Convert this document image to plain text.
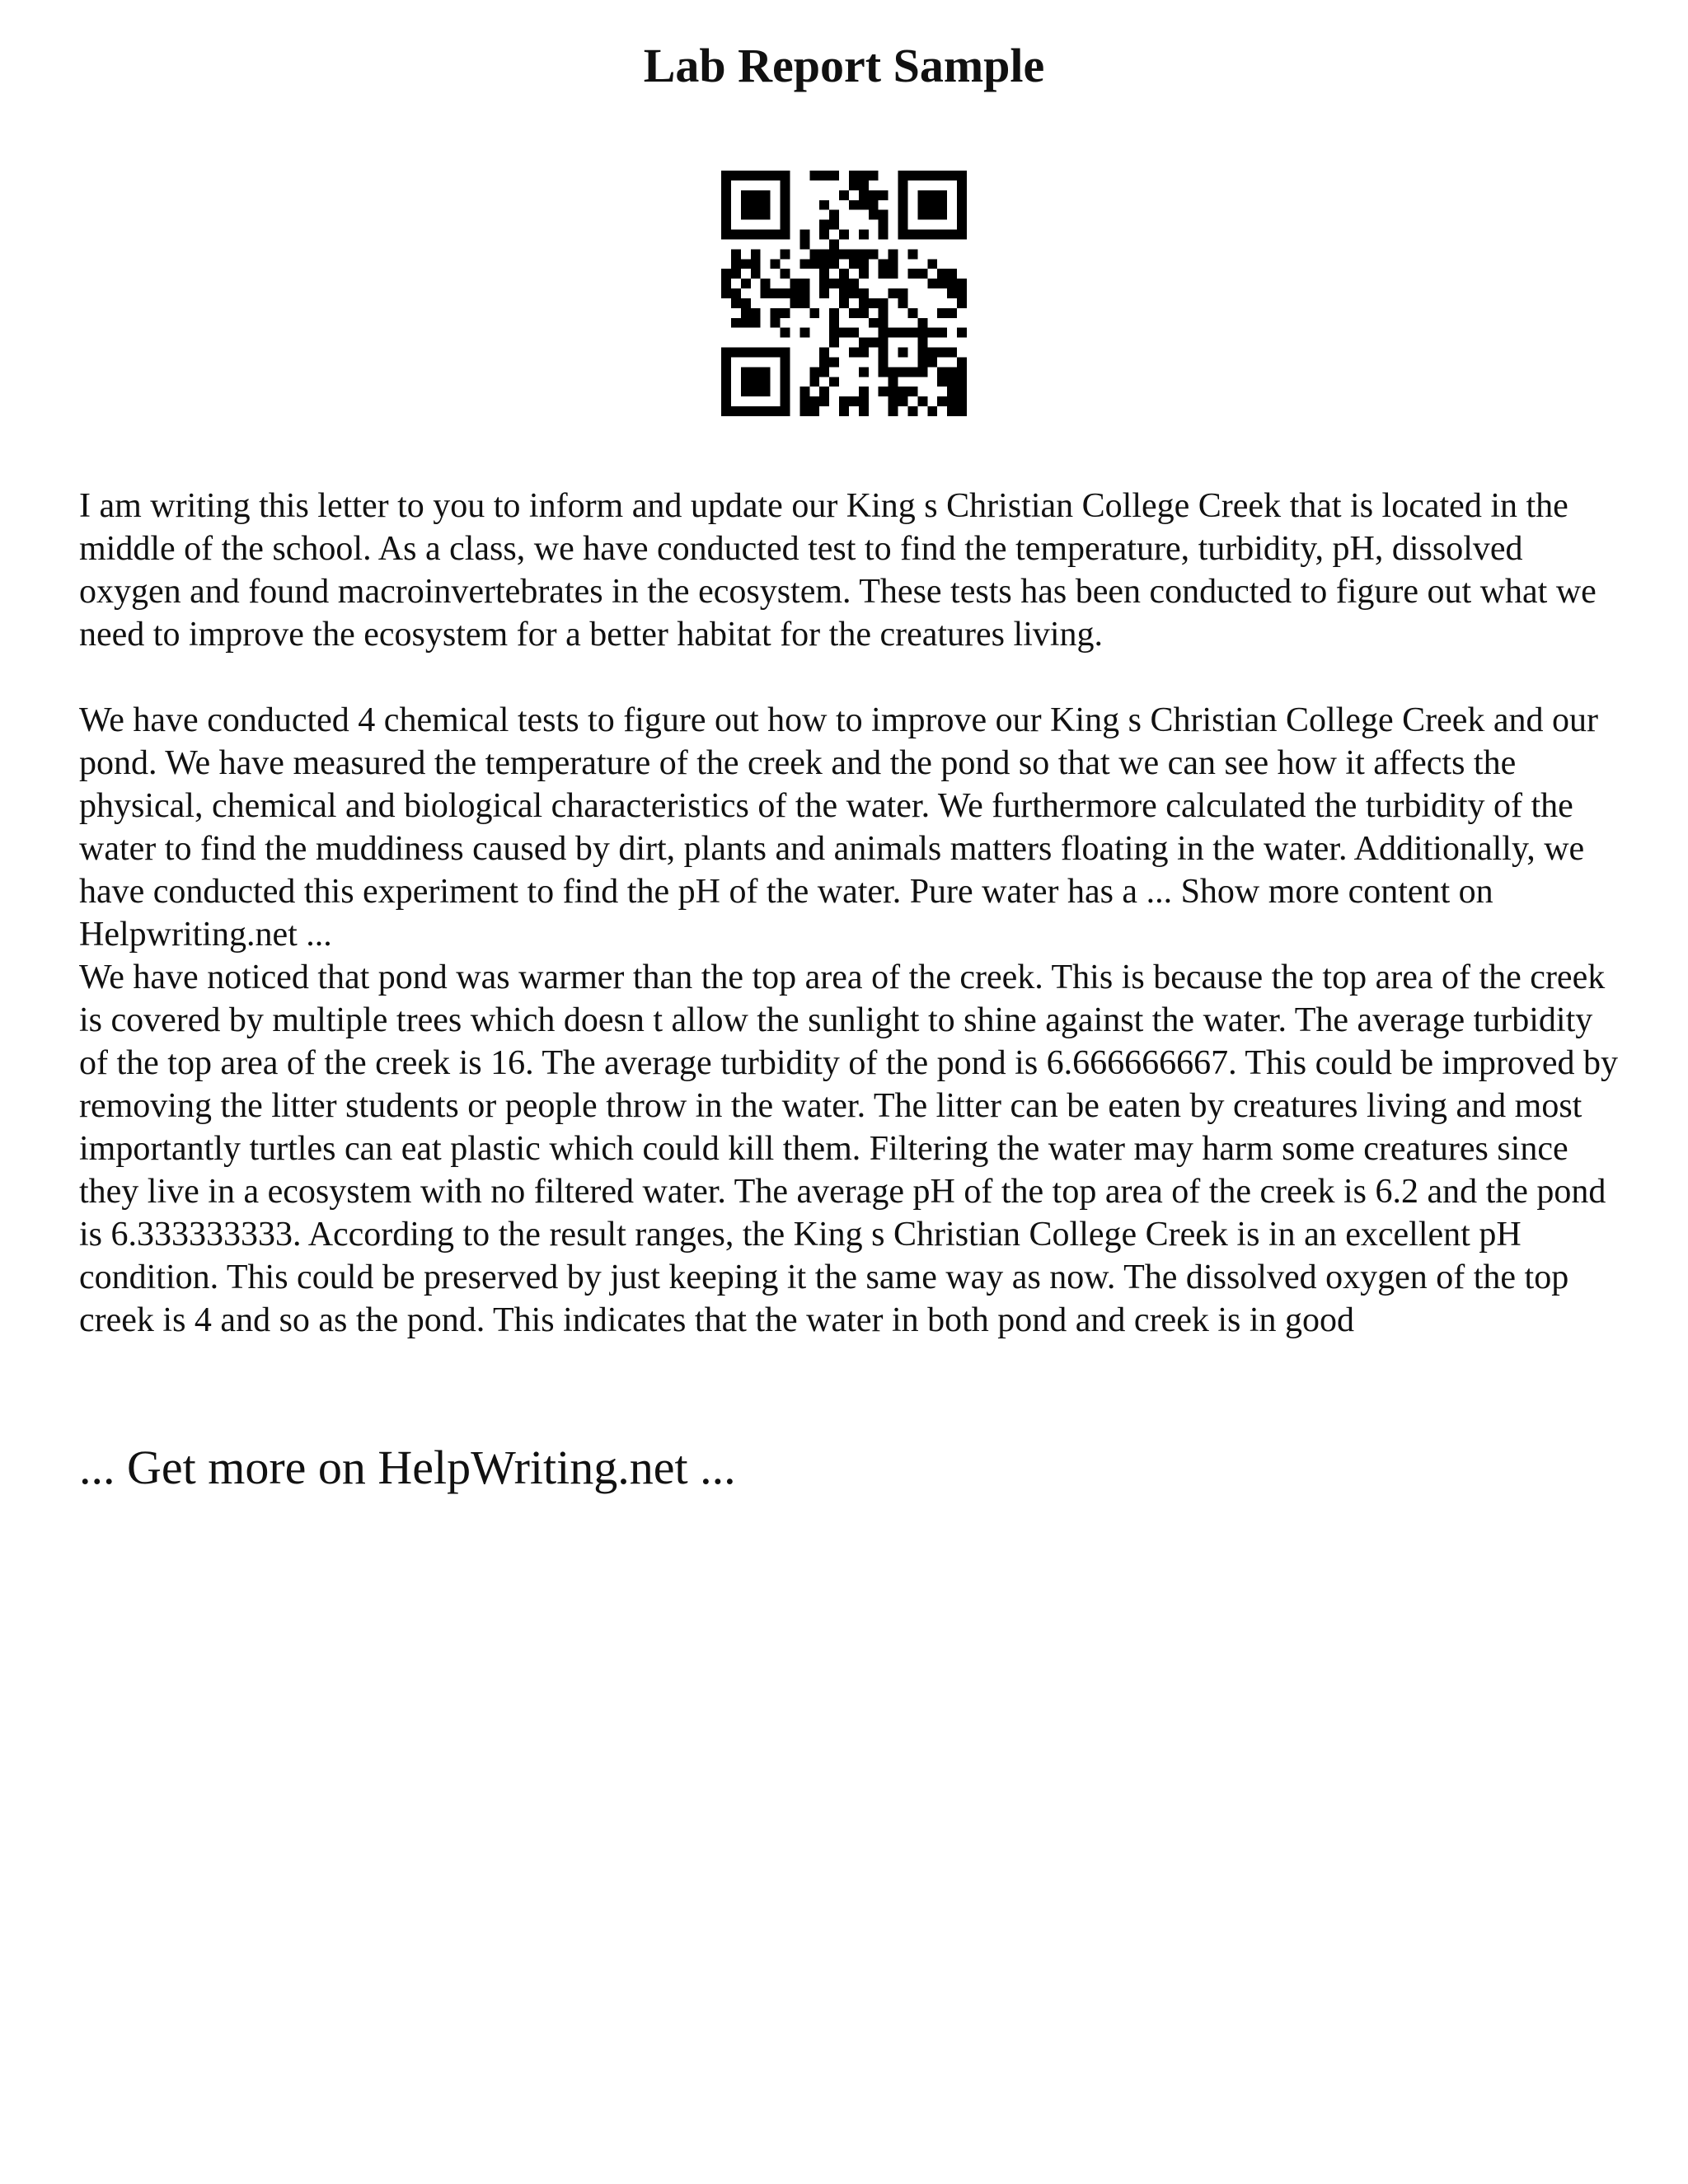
Lab Report Sample

I am writing this letter to you to inform and update our King s Christian College Creek that is located in the middle of the school. As a class, we have conducted test to find the temperature, turbidity, pH, dissolved oxygen and found macroinvertebrates in the ecosystem. These tests has been conducted to figure out what we need to improve the ecosystem for a better habitat for the creatures living.

We have conducted 4 chemical tests to figure out how to improve our King s Christian College Creek and our pond. We have measured the temperature of the creek and the pond so that we can see how it affects the physical, chemical and biological characteristics of the water. We furthermore calculated the turbidity of the water to find the muddiness caused by dirt, plants and animals matters floating in the water. Additionally, we have conducted this experiment to find the pH of the water. Pure water has a ... Show more content on Helpwriting.net ...

We have noticed that pond was warmer than the top area of the creek. This is because the top area of the creek is covered by multiple trees which doesn t allow the sunlight to shine against the water. The average turbidity of the top area of the creek is 16. The average turbidity of the pond is 6.666666667. This could be improved by removing the litter students or people throw in the water. The litter can be eaten by creatures living and most importantly turtles can eat plastic which could kill them. Filtering the water may harm some creatures since they live in a ecosystem with no filtered water. The average pH of the top area of the creek is 6.2 and the pond is 6.333333333. According to the result ranges, the King s Christian College Creek is in an excellent pH condition. This could be preserved by just keeping it the same way as now. The dissolved oxygen of the top creek is 4 and so as the pond. This indicates that the water in both pond and creek is in good

... Get more on HelpWriting.net ...
